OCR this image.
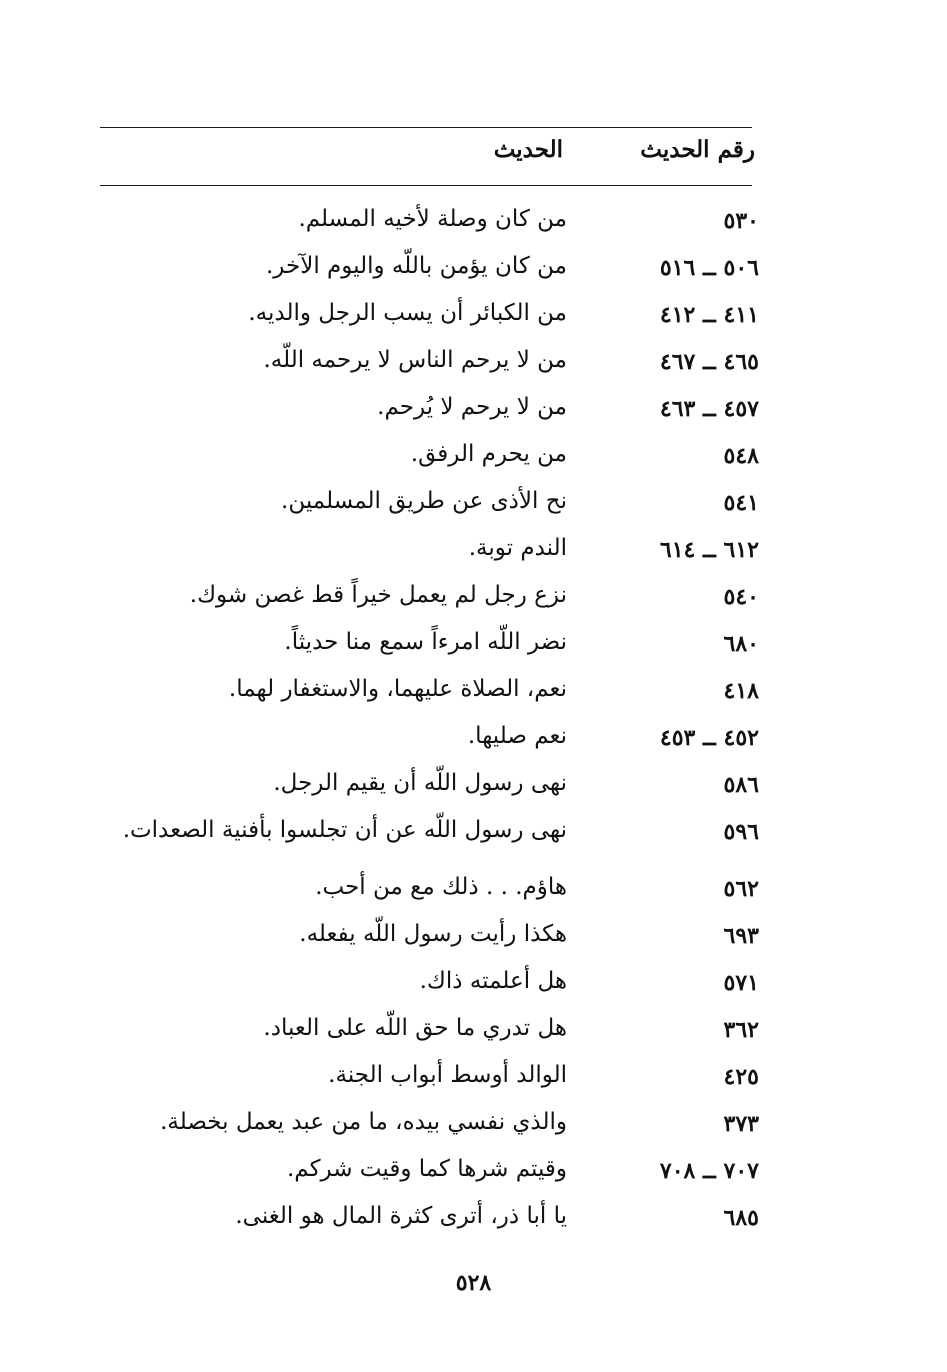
رقم الحديث
الحديث
٥٣٠
من كان وصلة لأخيه المسلم.
٥٠٦ ــ ٥١٦
من كان يؤمن باللّه واليوم الآخر.
٤١١ ــ ٤١٢
من الكبائر أن يسب الرجل والديه.
٤٦٥ ــ ٤٦٧
من لا يرحم الناس لا يرحمه اللّه.
٤٥٧ ــ ٤٦٣
من لا يرحم لا يُرحم.
٥٤٨
من يحرم الرفق.
٥٤١
نح الأذى عن طريق المسلمين.
٦١٢ ــ ٦١٤
الندم توبة.
٥٤٠
نزع رجل لم يعمل خيراً قط غصن شوك.
٦٨٠
نضر اللّه امرءاً سمع منا حديثاً.
٤١٨
نعم، الصلاة عليهما، والاستغفار لهما.
٤٥٢ ــ ٤٥٣
نعم صليها.
٥٨٦
نهى رسول اللّه أن يقيم الرجل.
٥٩٦
نهى رسول اللّه عن أن تجلسوا بأفنية الصعدات.
٥٦٢
هاؤم. . . ذلك مع من أحب.
٦٩٣
هكذا رأيت رسول اللّه يفعله.
٥٧١
هل أعلمته ذاك.
٣٦٢
هل تدري ما حق اللّه على العباد.
٤٢٥
الوالد أوسط أبواب الجنة.
٣٧٣
والذي نفسي بيده، ما من عبد يعمل بخصلة.
٧٠٧ ــ ٧٠٨
وقيتم شرها كما وقيت شركم.
٦٨٥
يا أبا ذر، أترى كثرة المال هو الغنى.
٥٢٨
